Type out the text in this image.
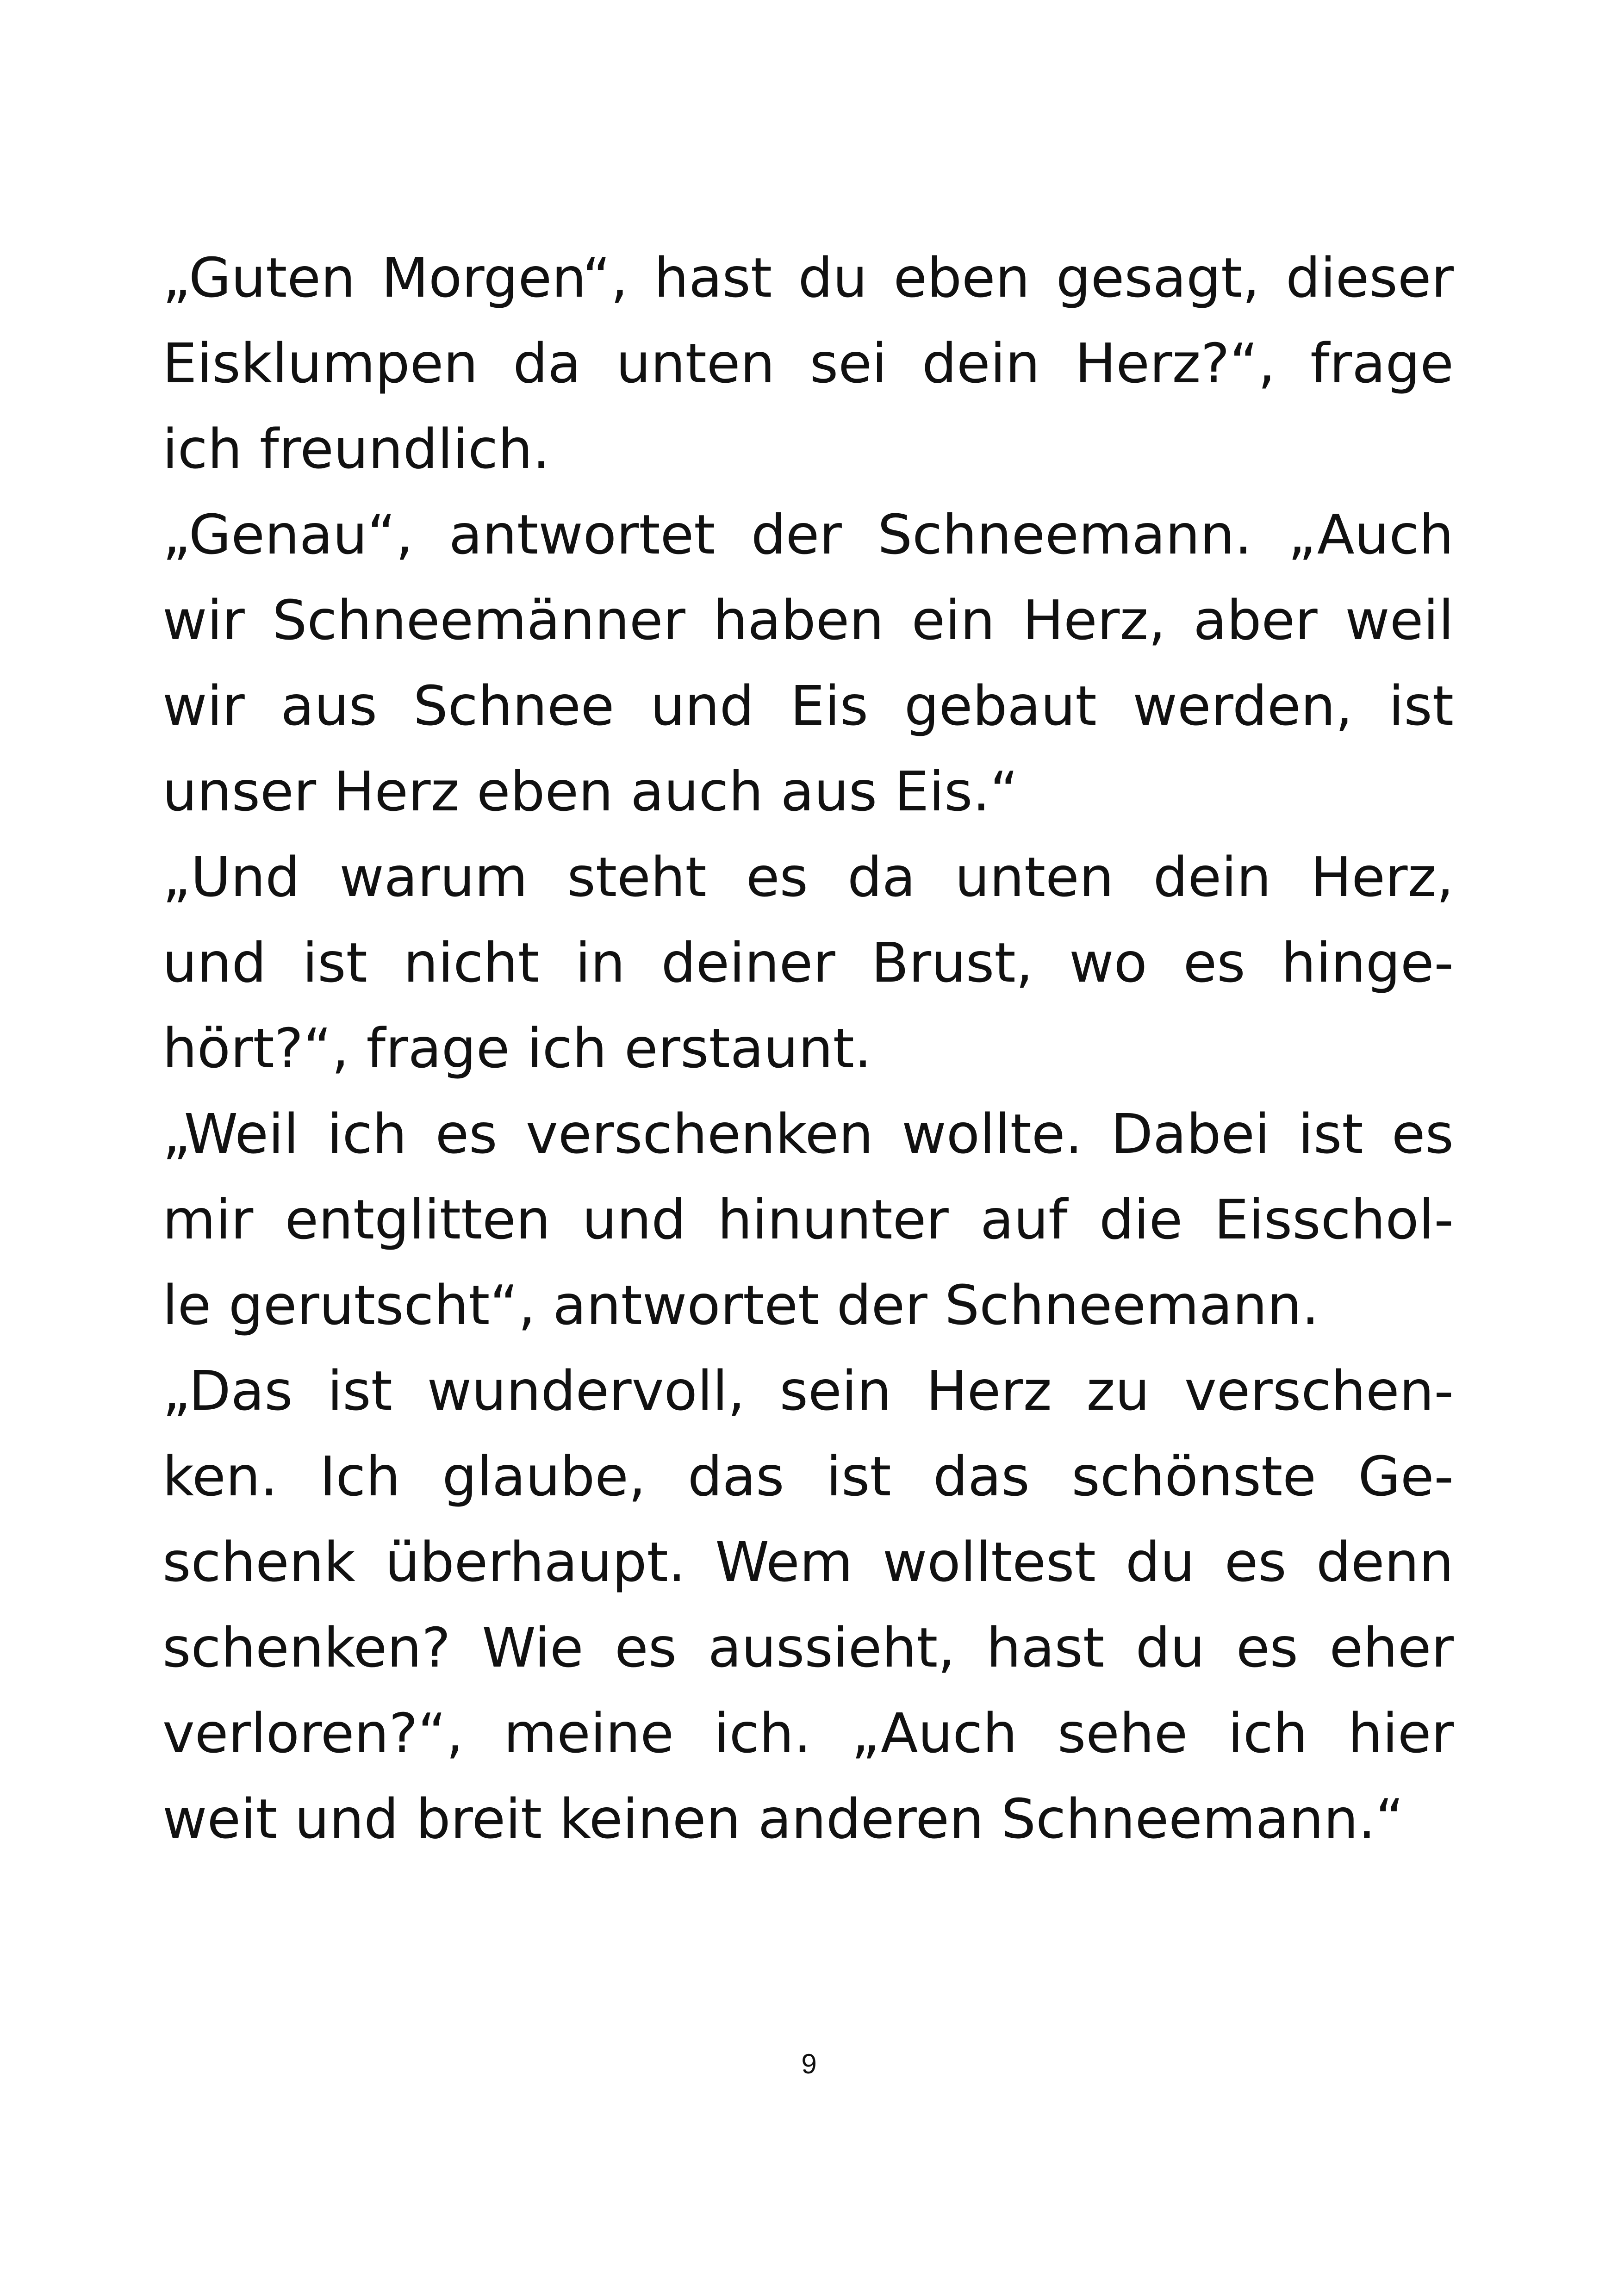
„Guten Morgen“, hast du eben gesagt, dieser
Eisklumpen da unten sei dein Herz?“, frage
ich freundlich.
„Genau“, antwortet der Schneemann. „Auch
wir Schneemänner haben ein Herz, aber weil
wir aus Schnee und Eis gebaut werden, ist
unser Herz eben auch aus Eis.“
„Und warum steht es da unten dein Herz,
und ist nicht in deiner Brust, wo es hinge-
hört?“, frage ich erstaunt.
„Weil ich es verschenken wollte. Dabei ist es
mir entglitten und hinunter auf die Eisschol-
le gerutscht“, antwortet der Schneemann.
„Das ist wundervoll, sein Herz zu verschen-
ken. Ich glaube, das ist das schönste Ge-
schenk überhaupt. Wem wolltest du es denn
schenken? Wie es aussieht, hast du es eher
verloren?“, meine ich. „Auch sehe ich hier
weit und breit keinen anderen Schneemann.“
9
